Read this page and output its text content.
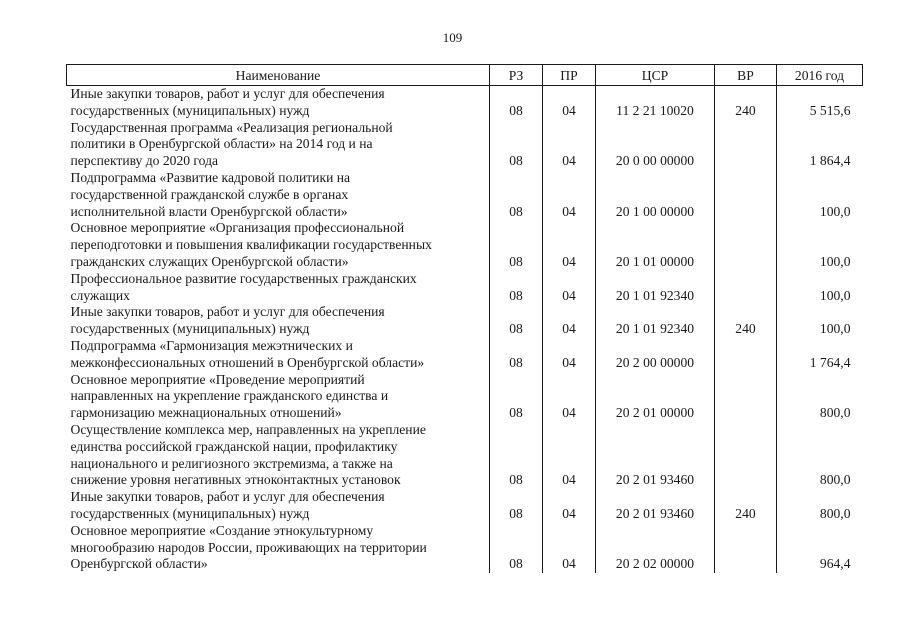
109
Наименование	РЗ	ПР	ЦСР	ВР	2016 год

Иные закупки товаров, работ и услуг для обеспечения
государственных (муниципальных) нужд	08	04	11 2 21 10020	240	5 515,6

Государственная программа «Реализация региональной
политики в Оренбургской области» на 2014 год и на
перспективу до 2020 года	08	04	20 0 00 00000		1 864,4

Подпрограмма «Развитие кадровой политики на
государственной гражданской службе в органах
исполнительной власти Оренбургской области»	08	04	20 1 00 00000		100,0

Основное мероприятие «Организация профессиональной
переподготовки и повышения квалификации государственных
гражданских служащих Оренбургской области»	08	04	20 1 01 00000		100,0

Профессиональное развитие государственных гражданских
служащих	08	04	20 1 01 92340		100,0

Иные закупки товаров, работ и услуг для обеспечения
государственных (муниципальных) нужд	08	04	20 1 01 92340	240	100,0

Подпрограмма «Гармонизация межэтнических и
межконфессиональных отношений в Оренбургской области»	08	04	20 2 00 00000		1 764,4

Основное мероприятие «Проведение мероприятий
направленных на укрепление гражданского единства и
гармонизацию межнациональных отношений»	08	04	20 2 01 00000		800,0

Осуществление комплекса мер, направленных на укрепление
единства российской гражданской нации, профилактику
национального и религиозного экстремизма, а также на
снижение уровня негативных этноконтактных установок	08	04	20 2 01 93460		800,0

Иные закупки товаров, работ и услуг для обеспечения
государственных (муниципальных) нужд	08	04	20 2 01 93460	240	800,0

Основное мероприятие «Создание этнокультурному
многообразию народов России, проживающих на территории
Оренбургской области»	08	04	20 2 02 00000		964,4
